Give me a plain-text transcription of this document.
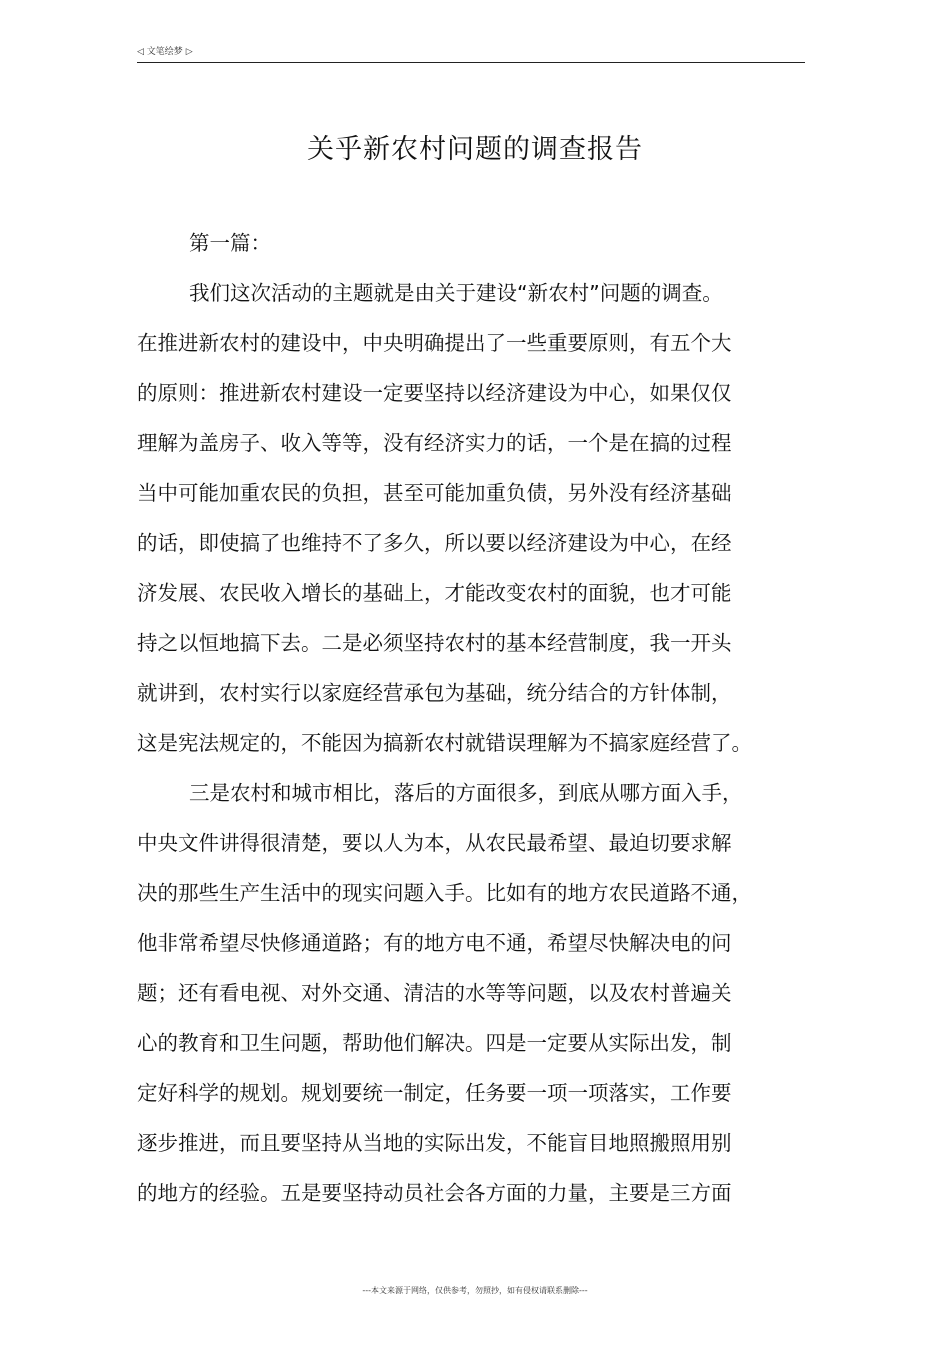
◁ 文笔绘梦 ▷
关乎新农村问题的调查报告
第一篇：
我们这次活动的主题就是由关于建设“新农村”问题的调查。
在推进新农村的建设中，中央明确提出了一些重要原则，有五个大
的原则：推进新农村建设一定要坚持以经济建设为中心，如果仅仅
理解为盖房子、收入等等，没有经济实力的话，一个是在搞的过程
当中可能加重农民的负担，甚至可能加重负债，另外没有经济基础
的话，即使搞了也维持不了多久，所以要以经济建设为中心，在经
济发展、农民收入增长的基础上，才能改变农村的面貌，也才可能
持之以恒地搞下去。二是必须坚持农村的基本经营制度，我一开头
就讲到，农村实行以家庭经营承包为基础，统分结合的方针体制，
这是宪法规定的，不能因为搞新农村就错误理解为不搞家庭经营了。
三是农村和城市相比，落后的方面很多，到底从哪方面入手，
中央文件讲得很清楚，要以人为本，从农民最希望、最迫切要求解
决的那些生产生活中的现实问题入手。比如有的地方农民道路不通，
他非常希望尽快修通道路；有的地方电不通，希望尽快解决电的问
题；还有看电视、对外交通、清洁的水等等问题，以及农村普遍关
心的教育和卫生问题，帮助他们解决。四是一定要从实际出发，制
定好科学的规划。规划要统一制定，任务要一项一项落实，工作要
逐步推进，而且要坚持从当地的实际出发，不能盲目地照搬照用别
的地方的经验。五是要坚持动员社会各方面的力量，主要是三方面
---本文来源于网络，仅供参考，勿照抄，如有侵权请联系删除---
